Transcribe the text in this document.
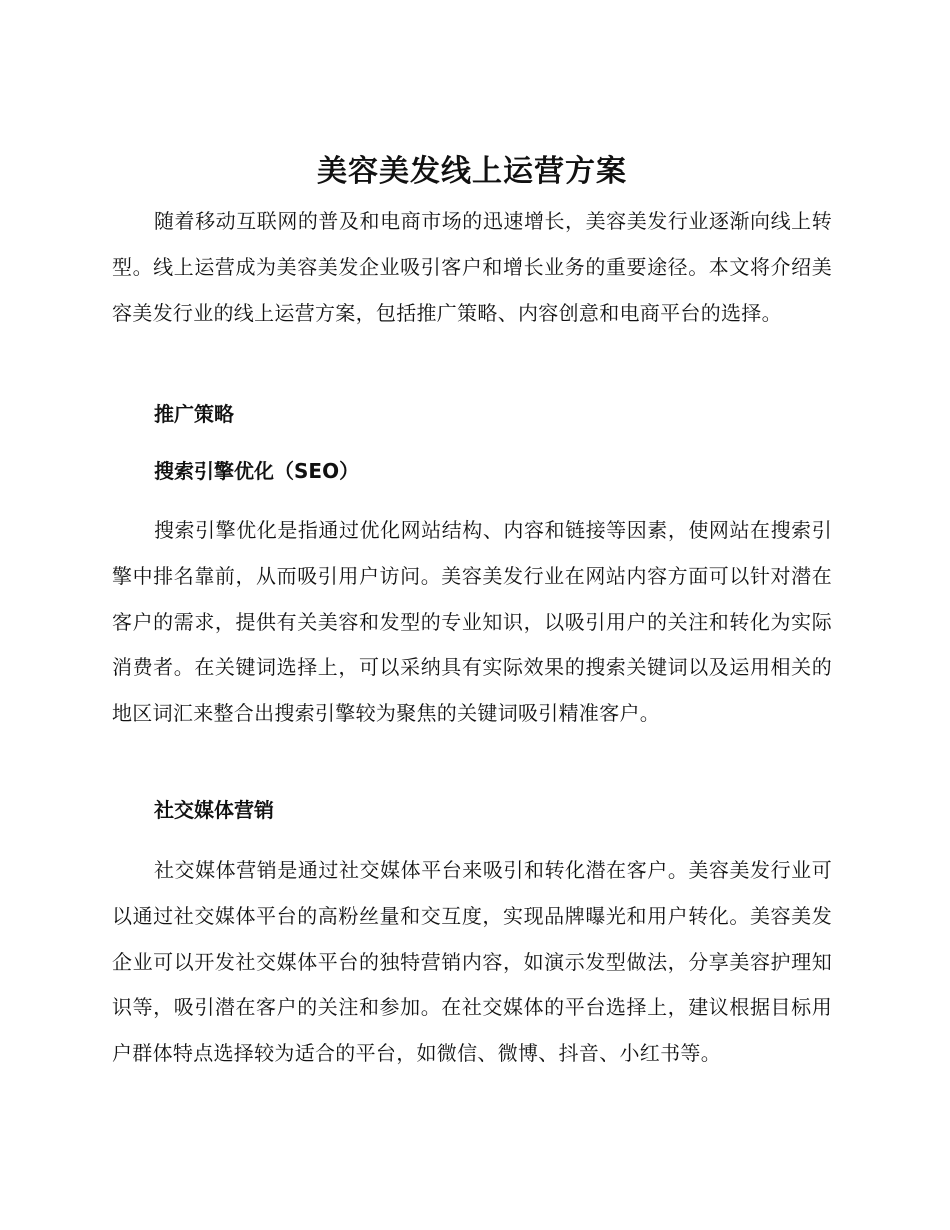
美容美发线上运营方案

随着移动互联网的普及和电商市场的迅速增长，美容美发行业逐渐向线上转型。线上运营成为美容美发企业吸引客户和增长业务的重要途径。本文将介绍美容美发行业的线上运营方案，包括推广策略、内容创意和电商平台的选择。

推广策略
搜索引擎优化（SEO）

搜索引擎优化是指通过优化网站结构、内容和链接等因素，使网站在搜索引擎中排名靠前，从而吸引用户访问。美容美发行业在网站内容方面可以针对潜在客户的需求，提供有关美容和发型的专业知识，以吸引用户的关注和转化为实际消费者。在关键词选择上，可以采纳具有实际效果的搜索关键词以及运用相关的地区词汇来整合出搜索引擎较为聚焦的关键词吸引精准客户。

社交媒体营销

社交媒体营销是通过社交媒体平台来吸引和转化潜在客户。美容美发行业可以通过社交媒体平台的高粉丝量和交互度，实现品牌曝光和用户转化。美容美发企业可以开发社交媒体平台的独特营销内容，如演示发型做法，分享美容护理知识等，吸引潜在客户的关注和参加。在社交媒体的平台选择上，建议根据目标用户群体特点选择较为适合的平台，如微信、微博、抖音、小红书等。
